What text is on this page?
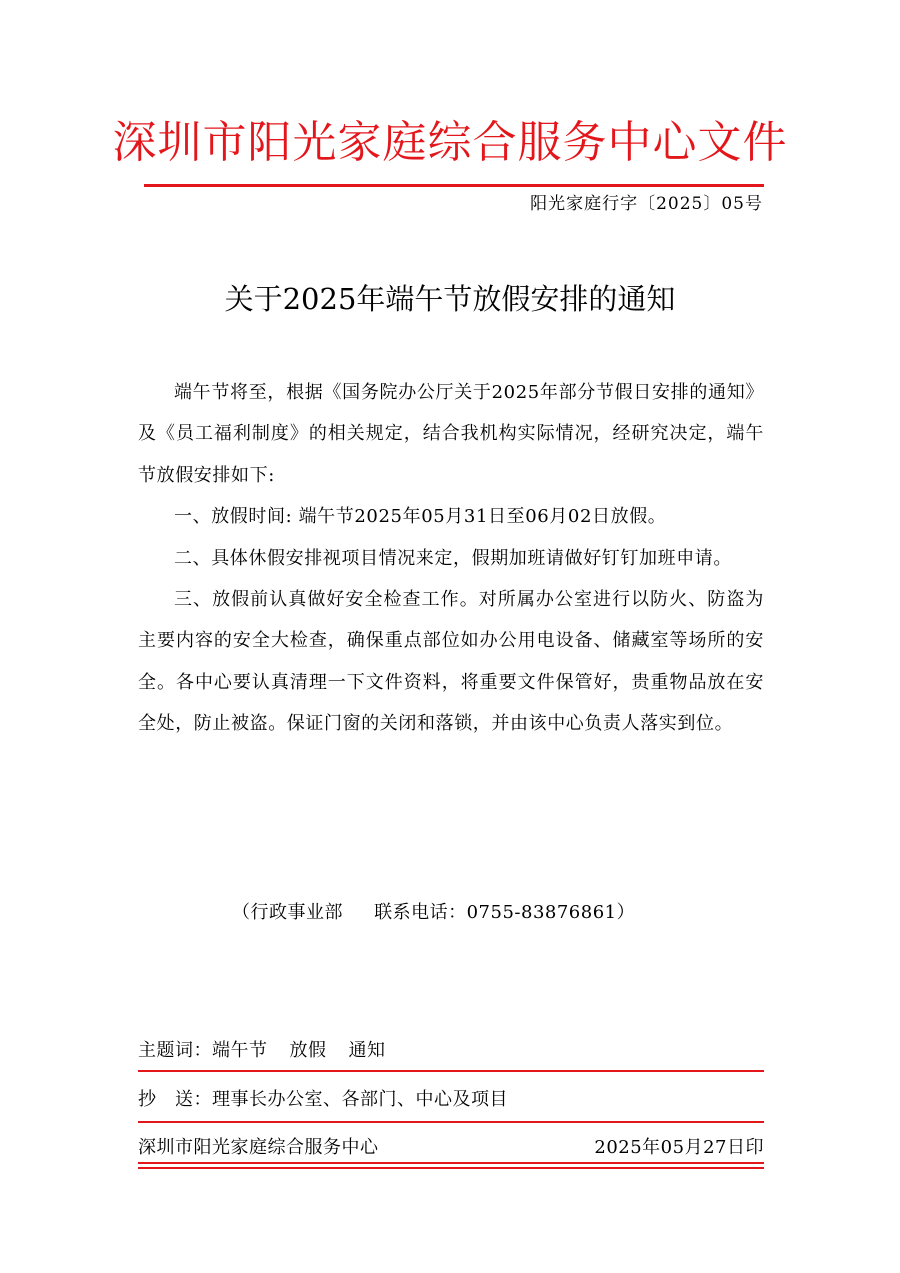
深圳市阳光家庭综合服务中心文件
阳光家庭行字〔2025〕05号
关于2025年端午节放假安排的通知

端午节将至，根据《国务院办公厅关于2025年部分节假日安排的通知》及《员工福利制度》的相关规定，结合我机构实际情况，经研究决定，端午节放假安排如下:

一、放假时间: 端午节2025年05月31日至06月02日放假。

二、具体休假安排视项目情况来定，假期加班请做好钉钉加班申请。

三、放假前认真做好安全检查工作。对所属办公室进行以防火、防盗为主要内容的安全大检查，确保重点部位如办公用电设备、储藏室等场所的安全。各中心要认真清理一下文件资料，将重要文件保管好，贵重物品放在安全处，防止被盗。保证门窗的关闭和落锁，并由该中心负责人落实到位。

（行政事业部     联系电话：0755-83876861）
主题词：端午节 放假 通知
抄　送：理事长办公室、各部门、中心及项目
深圳市阳光家庭综合服务中心	2025年05月27日印
